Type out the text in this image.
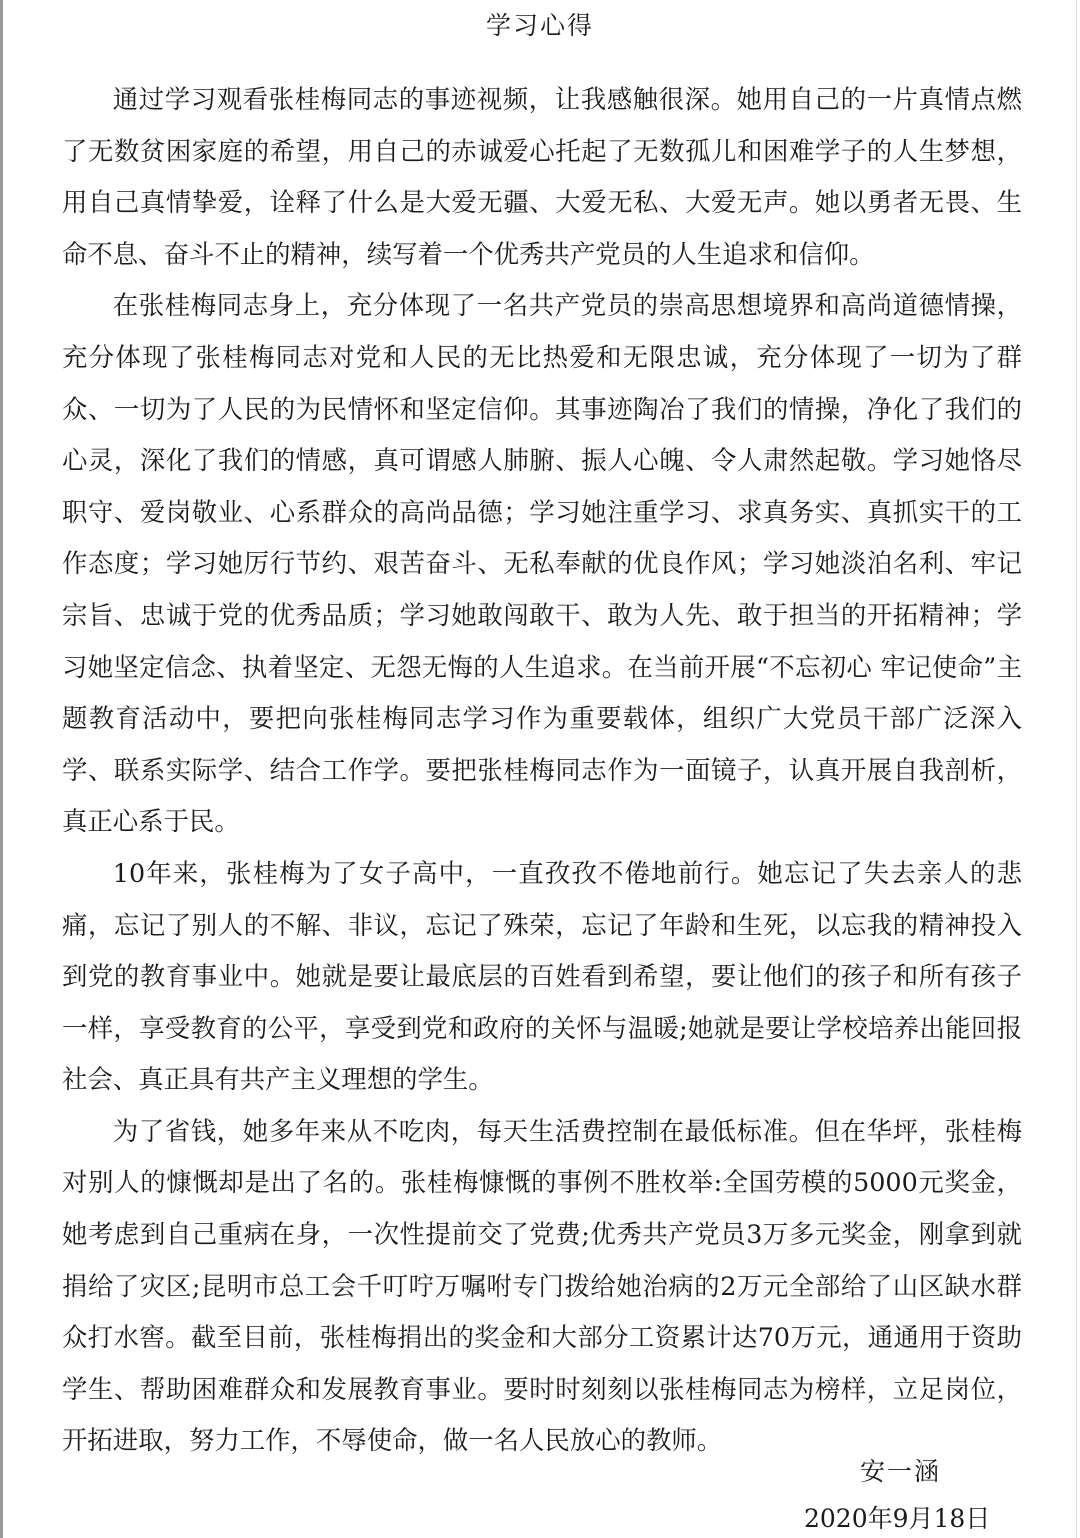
学习心得

通过学习观看张桂梅同志的事迹视频，让我感触很深。她用自己的一片真情点燃了无数贫困家庭的希望，用自己的赤诚爱心托起了无数孤儿和困难学子的人生梦想，用自己真情挚爱，诠释了什么是大爱无疆、大爱无私、大爱无声。她以勇者无畏、生命不息、奋斗不止的精神，续写着一个优秀共产党员的人生追求和信仰。

在张桂梅同志身上，充分体现了一名共产党员的崇高思想境界和高尚道德情操，充分体现了张桂梅同志对党和人民的无比热爱和无限忠诚，充分体现了一切为了群众、一切为了人民的为民情怀和坚定信仰。其事迹陶冶了我们的情操，净化了我们的心灵，深化了我们的情感，真可谓感人肺腑、振人心魄、令人肃然起敬。学习她恪尽职守、爱岗敬业、心系群众的高尚品德；学习她注重学习、求真务实、真抓实干的工作态度；学习她厉行节约、艰苦奋斗、无私奉献的优良作风；学习她淡泊名利、牢记宗旨、忠诚于党的优秀品质；学习她敢闯敢干、敢为人先、敢于担当的开拓精神；学习她坚定信念、执着坚定、无怨无悔的人生追求。在当前开展“不忘初心 牢记使命”主题教育活动中，要把向张桂梅同志学习作为重要载体，组织广大党员干部广泛深入学、联系实际学、结合工作学。要把张桂梅同志作为一面镜子，认真开展自我剖析，真正心系于民。

10年来，张桂梅为了女子高中，一直孜孜不倦地前行。她忘记了失去亲人的悲痛，忘记了别人的不解、非议，忘记了殊荣，忘记了年龄和生死，以忘我的精神投入到党的教育事业中。她就是要让最底层的百姓看到希望，要让他们的孩子和所有孩子一样，享受教育的公平，享受到党和政府的关怀与温暖;她就是要让学校培养出能回报社会、真正具有共产主义理想的学生。

为了省钱，她多年来从不吃肉，每天生活费控制在最低标准。但在华坪，张桂梅对别人的慷慨却是出了名的。张桂梅慷慨的事例不胜枚举:全国劳模的5000元奖金，她考虑到自己重病在身，一次性提前交了党费;优秀共产党员3万多元奖金，刚拿到就捐给了灾区;昆明市总工会千叮咛万嘱咐专门拨给她治病的2万元全部给了山区缺水群众打水窖。截至目前，张桂梅捐出的奖金和大部分工资累计达70万元，通通用于资助学生、帮助困难群众和发展教育事业。要时时刻刻以张桂梅同志为榜样，立足岗位，开拓进取，努力工作，不辱使命，做一名人民放心的教师。

安一涵
2020年9月18日
